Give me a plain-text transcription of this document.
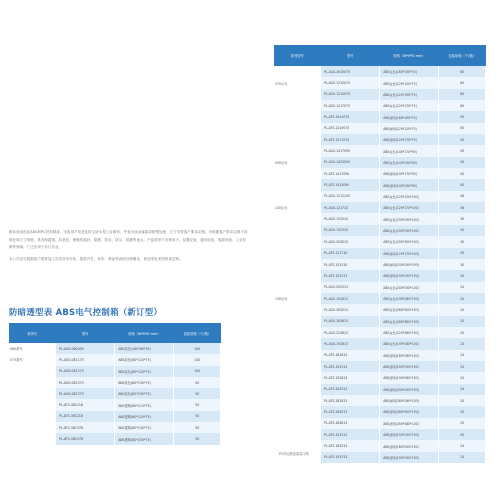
箱体选用优质ABS和PC材料制成，可选用不易老化防尘防水型工业箱体，外表可涂金属漆或喷塑处理，尺寸可按客户要求定制。可根据客户需求定制不同颜色和尺寸规格，具有耐腐蚀、抗老化、绝缘性能好、阻燃、防水、防尘、防潮等优点。产品适用于各种电子、仪器仪表、通讯设备、电源设备、工业控制等领域，广泛应用于各行各业。

本公司还可根据客户需要加工各类异形壳体，提供开孔、丝印、喷涂等表面处理服务，欢迎来电来图咨询定制。

防暗透型表 ABS电气控制箱（新订型）
系列号	型号	规格（W*H*D mm）	包装规格（个/箱）
060系列	PL-AGS-060035	ABS灰色(160*80*35)	100
075系列	PL-AGS-081175	ABS灰色(80*110*75)	100
	PL-AGS-081275	ABS灰色(80*120*75)	100
	PL-AGS-081375	ABS灰色(80*130*75)	50
	PL-AGS-082375	ABS灰色(80*230*75)	50
	PL-ATS-381118	ABS透明(80*110*75)	50
	PL-ATS-381218	ABS透明(80*120*75)	50
	PL-ATS-381378	ABS透明(80*130*75)	50
	PL-ATS-382378	ABS透明(80*230*75)	50
系列型号	型号	规格（W*H*D mm）	包装规格（个/箱）
	PL-AGS-1610070	ABS灰色(160*100*70)	60
075系列	PL-AGS-1210075	ABS灰色(120*120*75)	60
	PL-AGS-1215075	ABS灰色(120*150*75)	60
	PL-AGS-1217075	ABS灰色(120*170*75)	60
	PL-ATS-1610075	ABS透明(160*100*75)	50
	PL-ATS-1210075	ABS透明(120*120*75)	50
	PL-ATS-1217075	ABS透明(120*170*75)	40
	PL-AGS-1417090	ABS灰色(140*170*90)	40
090系列	PL-AGS-1423090	ABS灰色(140*230*90)	40
	PL-ATS-1417090	ABS透明(140*170*90)	40
	PL-ATS-1423090	ABS透明(140*230*90)	40
	PL-AGS-1212100	ABS灰色(120*120*100)	46
100系列	PL-AGS-121710	ABS灰色(120*170*100)	36
	PL-AGS-152510	ABS灰色(150*250*100)	30
	PL-AGS-152510	ABS灰色(150*250*100)	30
	PL-AGS-203010	ABS灰色(200*300*100)	30
	PL-ATS-121710	ABS透明(120*170*100)	30
	PL-ATS-152510	ABS透明(150*250*100)	30
	PL-ATS-152513	ABS透明(150*250*130)	30
	PL-AGS-202513	ABS灰色(200*250*130)	24
130系列	PL-AGS-192813	ABS灰色(190*280*130)	20
	PL-AGS-263013	ABS灰色(260*300*130)	20
	PL-AGS-283813	ABS灰色(280*380*130)	20
	PL-AGS-223813	ABS灰色(220*380*130)	20
	PL-AGS-192813	ABS灰色(190*280*130)	24
	PL-ATS-182813	ABS透明(180*280*130)	24
	PL-ATS-152513	ABS透明(150*250*130)	24
	PL-ATS-192813	ABS透明(190*280*130)	24
	PL-ATS-202513	ABS透明(200*250*130)	24
	PL-ATS-282813	ABS透明(280*280*130)	20
	PL-ATS-283013	ABS透明(280*300*130)	20
	PL-ATS-283813	ABS透明(280*380*130)	20
	PL-ATS-152513	ABS透明(150*250*130)	30
	PL-ATS-182513	ABS透明(180*250*130)	24
	PL-ATS-192513	ABS透明(190*250*130)	24
PC料定做按客量订购
